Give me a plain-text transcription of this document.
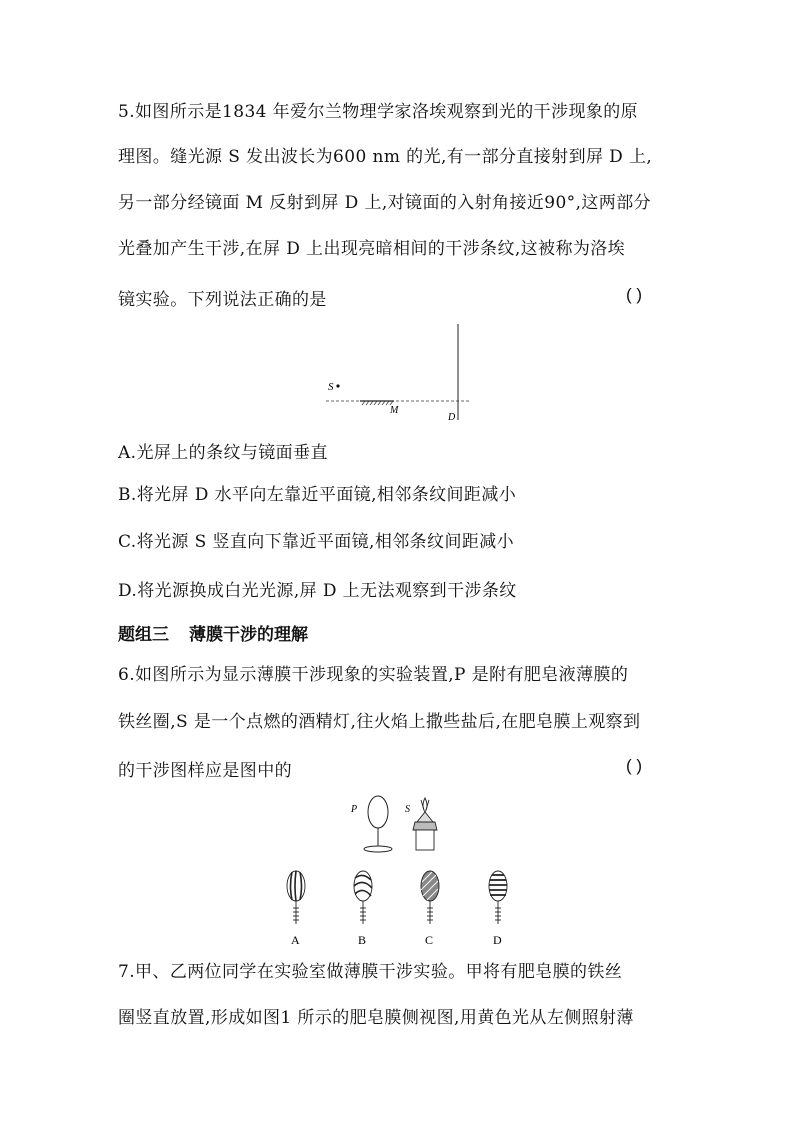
5.如图所示是1834 年爱尔兰物理学家洛埃观察到光的干涉现象的原
理图。缝光源 S 发出波长为600 nm 的光,有一部分直接射到屏 D 上,
另一部分经镜面 M 反射到屏 D 上,对镜面的入射角接近90°,这两部分
光叠加产生干涉,在屏 D 上出现亮暗相间的干涉条纹,这被称为洛埃
镜实验。下列说法正确的是	( )
S
M
D
A.光屏上的条纹与镜面垂直
B.将光屏 D 水平向左靠近平面镜,相邻条纹间距减小
C.将光源 S 竖直向下靠近平面镜,相邻条纹间距减小
D.将光源换成白光光源,屏 D 上无法观察到干涉条纹
题组三 薄膜干涉的理解
6.如图所示为显示薄膜干涉现象的实验装置,P 是附有肥皂液薄膜的
铁丝圈,S 是一个点燃的酒精灯,往火焰上撒些盐后,在肥皂膜上观察到
的干涉图样应是图中的	( )
P	S
A	B	C	D
7.甲、乙两位同学在实验室做薄膜干涉实验。甲将有肥皂膜的铁丝
圈竖直放置,形成如图1 所示的肥皂膜侧视图,用黄色光从左侧照射薄
